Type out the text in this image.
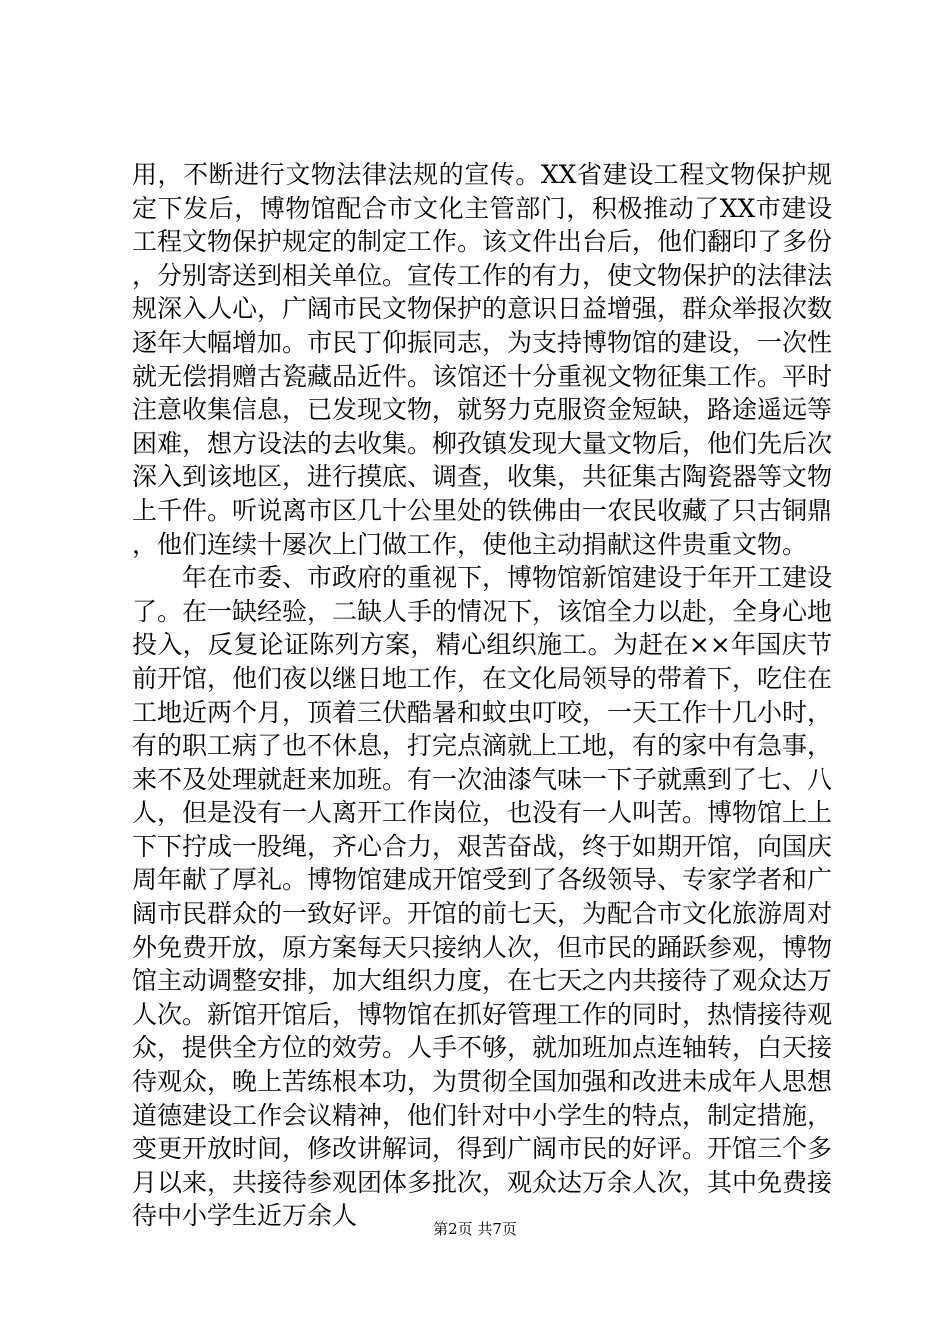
用，不断进行文物法律法规的宣传。XX省建设工程文物保护规定下发后，博物馆配合市文化主管部门，积极推动了XX市建设工程文物保护规定的制定工作。该文件出台后，他们翻印了多份，分别寄送到相关单位。宣传工作的有力，使文物保护的法律法规深入人心，广阔市民文物保护的意识日益增强，群众举报次数逐年大幅增加。市民丁仰振同志，为支持博物馆的建设，一次性就无偿捐赠古瓷藏品近件。该馆还十分重视文物征集工作。平时注意收集信息，已发现文物，就努力克服资金短缺，路途遥远等困难，想方设法的去收集。柳孜镇发现大量文物后，他们先后次深入到该地区，进行摸底、调查，收集，共征集古陶瓷器等文物上千件。听说离市区几十公里处的铁佛由一农民收藏了只古铜鼎，他们连续十屡次上门做工作，使他主动捐献这件贵重文物。

年在市委、市政府的重视下，博物馆新馆建设于年开工建设了。在一缺经验，二缺人手的情况下，该馆全力以赴，全身心地投入，反复论证陈列方案，精心组织施工。为赶在××年国庆节前开馆，他们夜以继日地工作，在文化局领导的带着下，吃住在工地近两个月，顶着三伏酷暑和蚊虫叮咬，一天工作十几小时，有的职工病了也不休息，打完点滴就上工地，有的家中有急事，来不及处理就赶来加班。有一次油漆气味一下子就熏到了七、八人，但是没有一人离开工作岗位，也没有一人叫苦。博物馆上上下下拧成一股绳，齐心合力，艰苦奋战，终于如期开馆，向国庆周年献了厚礼。博物馆建成开馆受到了各级领导、专家学者和广阔市民群众的一致好评。开馆的前七天，为配合市文化旅游周对外免费开放，原方案每天只接纳人次，但市民的踊跃参观，博物馆主动调整安排，加大组织力度，在七天之内共接待了观众达万人次。新馆开馆后，博物馆在抓好管理工作的同时，热情接待观众，提供全方位的效劳。人手不够，就加班加点连轴转，白天接待观众，晚上苦练根本功，为贯彻全国加强和改进未成年人思想道德建设工作会议精神，他们针对中小学生的特点，制定措施，变更开放时间，修改讲解词，得到广阔市民的好评。开馆三个多月以来，共接待参观团体多批次，观众达万余人次，其中免费接待中小学生近万余人	第2页 共7页
